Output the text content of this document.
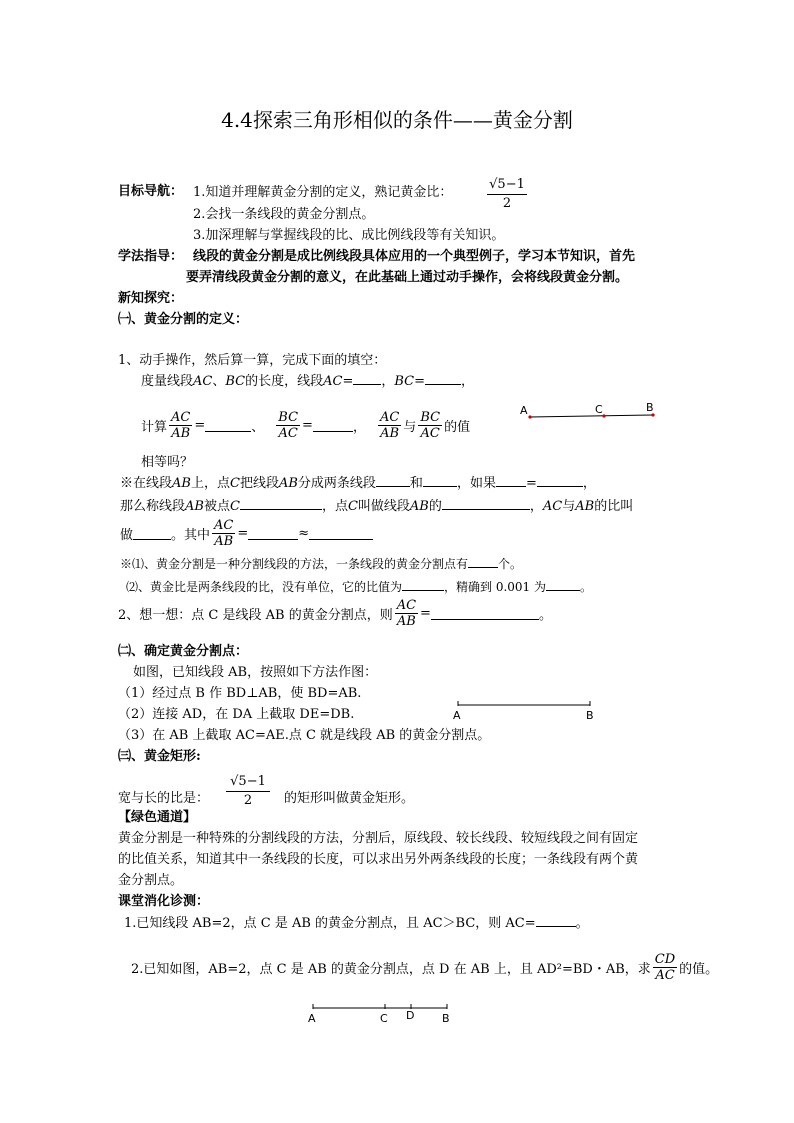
4.4探索三角形相似的条件——黄金分割
目标导航： 1.知道并理解黄金分割的定义，熟记黄金比：	$\frac{√5-1}{2}$
2.会找一条线段的黄金分割点。
3.加深理解与掌握线段的比、成比例线段等有关知识。
学法指导： 线段的黄金分割是成比例线段具体应用的一个典型例子，学习本节知识，首先
要弄清线段黄金分割的意义，在此基础上通过动手操作，会将线段黄金分割。
新知探究：
㈠、黄金分割的定义：
1、动手操作，然后算一算，完成下面的填空：
度量线段AC、BC的长度，线段AC= ，BC=	，
计算 $\frac{AC}{AB}$ =	、 $\frac{BC}{AC}$ =	， $\frac{AC}{AB}$ 与 $\frac{BC}{AC}$ 的值
A	C	B
相等吗？
※在线段AB上，点C把线段AB分成两条线段	和	，如果 =	，
那么称线段AB被点C	，点C叫做线段AB的	，AC与AB的比叫
做	。其中 $\frac{AC}{AB}$ =	≈
※⑴、黄金分割是一种分割线段的方法，一条线段的黄金分割点有	个。
⑵、黄金比是两条线段的比，没有单位，它的比值为	，精确到 0.001 为	。
2、想一想：点 C 是线段 AB 的黄金分割点，则 $\frac{AC}{AB}$ =	。
㈡、确定黄金分割点：
如图，已知线段 AB，按照如下方法作图：
（1）经过点 B 作 BD⊥AB，使 BD=AB.
（2）连接 AD，在 DA 上截取 DE=DB.
（3）在 AB 上截取 AC=AE.点 C 就是线段 AB 的黄金分割点。
A	B
㈢、黄金矩形:
宽与长的比是： $\frac{√5-1}{2}$ 的矩形叫做黄金矩形。
【绿色通道】
黄金分割是一种特殊的分割线段的方法，分割后，原线段、较长线段、较短线段之间有固定
的比值关系，知道其中一条线段的长度，可以求出另外两条线段的长度；一条线段有两个黄
金分割点。
课堂消化诊测：
1.已知线段 AB=2，点 C 是 AB 的黄金分割点，且 AC＞BC，则 AC=	。
2.已知如图，AB=2，点 C 是 AB 的黄金分割点，点 D 在 AB 上，且 AD²=BD・AB，求 $\frac{CD}{AC}$ 的值。
A	C D	B
